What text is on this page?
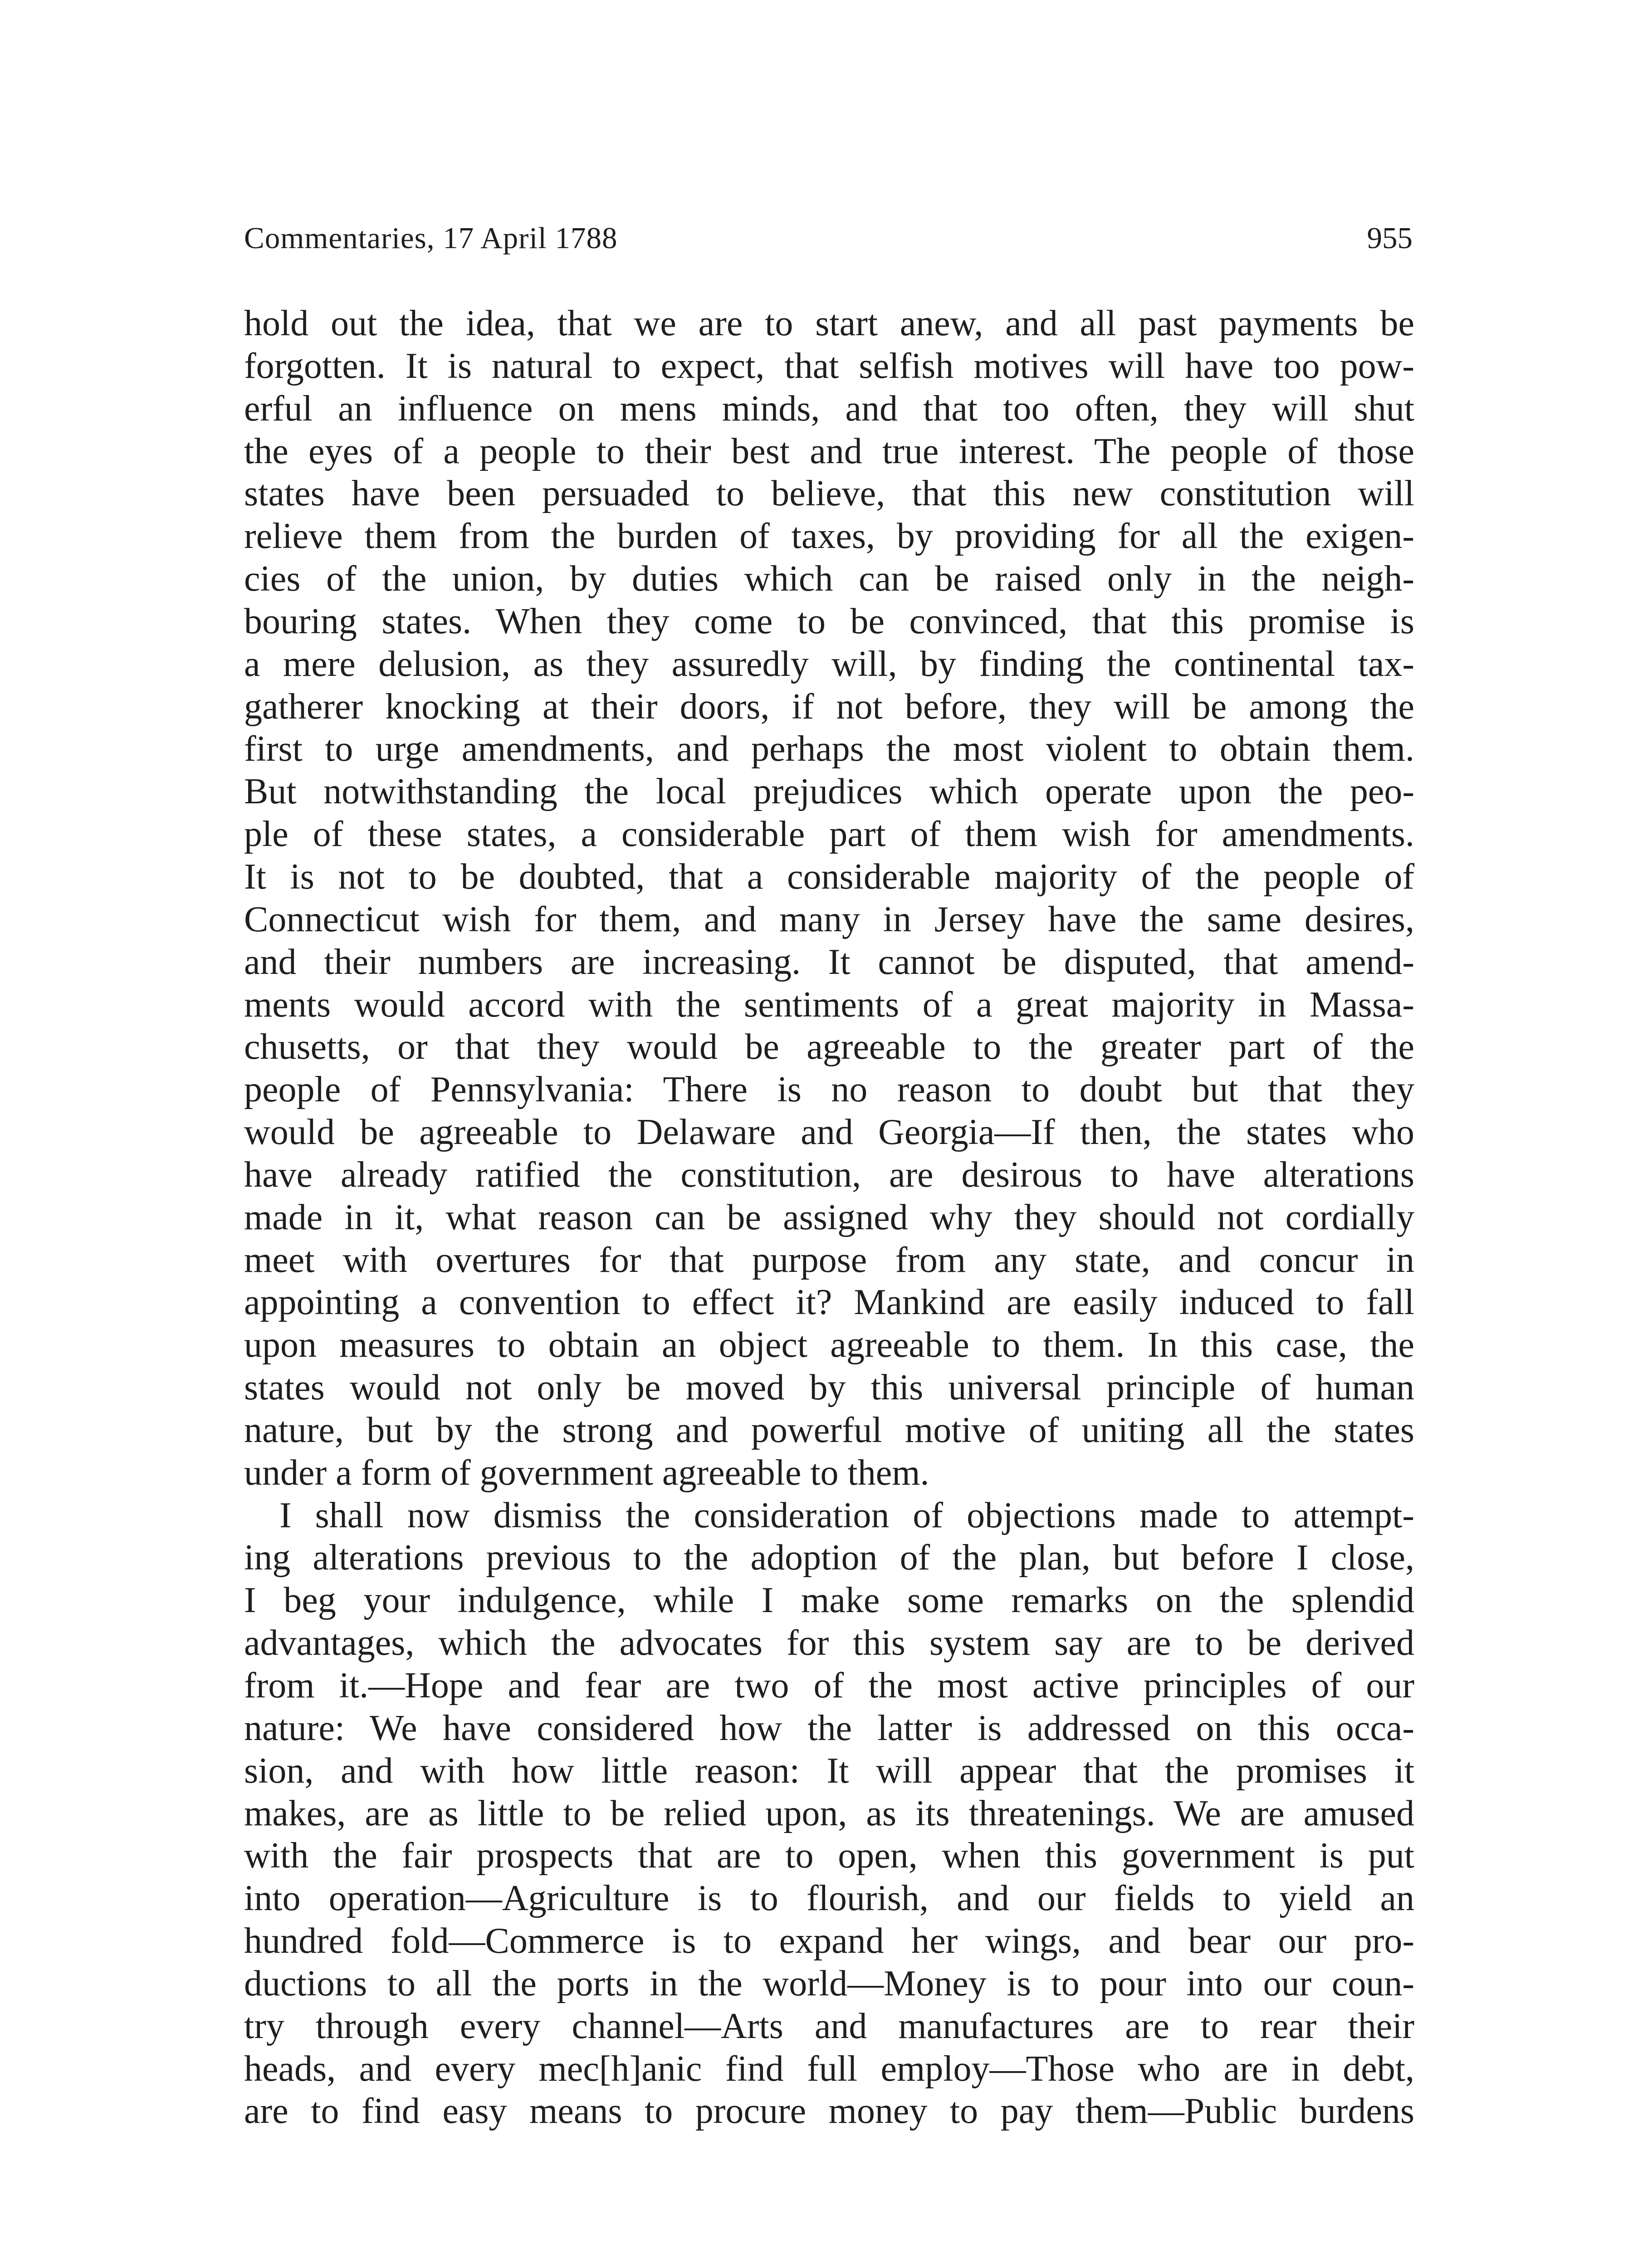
Commentaries, 17 April 1788	955
hold out the idea, that we are to start anew, and all past payments be
forgotten. It is natural to expect, that selfish motives will have too pow-
erful an influence on mens minds, and that too often, they will shut
the eyes of a people to their best and true interest. The people of those
states have been persuaded to believe, that this new constitution will
relieve them from the burden of taxes, by providing for all the exigen-
cies of the union, by duties which can be raised only in the neigh-
bouring states. When they come to be convinced, that this promise is
a mere delusion, as they assuredly will, by finding the continental tax-
gatherer knocking at their doors, if not before, they will be among the
first to urge amendments, and perhaps the most violent to obtain them.
But notwithstanding the local prejudices which operate upon the peo-
ple of these states, a considerable part of them wish for amendments.
It is not to be doubted, that a considerable majority of the people of
Connecticut wish for them, and many in Jersey have the same desires,
and their numbers are increasing. It cannot be disputed, that amend-
ments would accord with the sentiments of a great majority in Massa-
chusetts, or that they would be agreeable to the greater part of the
people of Pennsylvania: There is no reason to doubt but that they
would be agreeable to Delaware and Georgia—If then, the states who
have already ratified the constitution, are desirous to have alterations
made in it, what reason can be assigned why they should not cordially
meet with overtures for that purpose from any state, and concur in
appointing a convention to effect it? Mankind are easily induced to fall
upon measures to obtain an object agreeable to them. In this case, the
states would not only be moved by this universal principle of human
nature, but by the strong and powerful motive of uniting all the states
under a form of government agreeable to them.
I shall now dismiss the consideration of objections made to attempt-
ing alterations previous to the adoption of the plan, but before I close,
I beg your indulgence, while I make some remarks on the splendid
advantages, which the advocates for this system say are to be derived
from it.—Hope and fear are two of the most active principles of our
nature: We have considered how the latter is addressed on this occa-
sion, and with how little reason: It will appear that the promises it
makes, are as little to be relied upon, as its threatenings. We are amused
with the fair prospects that are to open, when this government is put
into operation—Agriculture is to flourish, and our fields to yield an
hundred fold—Commerce is to expand her wings, and bear our pro-
ductions to all the ports in the world—Money is to pour into our coun-
try through every channel—Arts and manufactures are to rear their
heads, and every mec[h]anic find full employ—Those who are in debt,
are to find easy means to procure money to pay them—Public burdens
